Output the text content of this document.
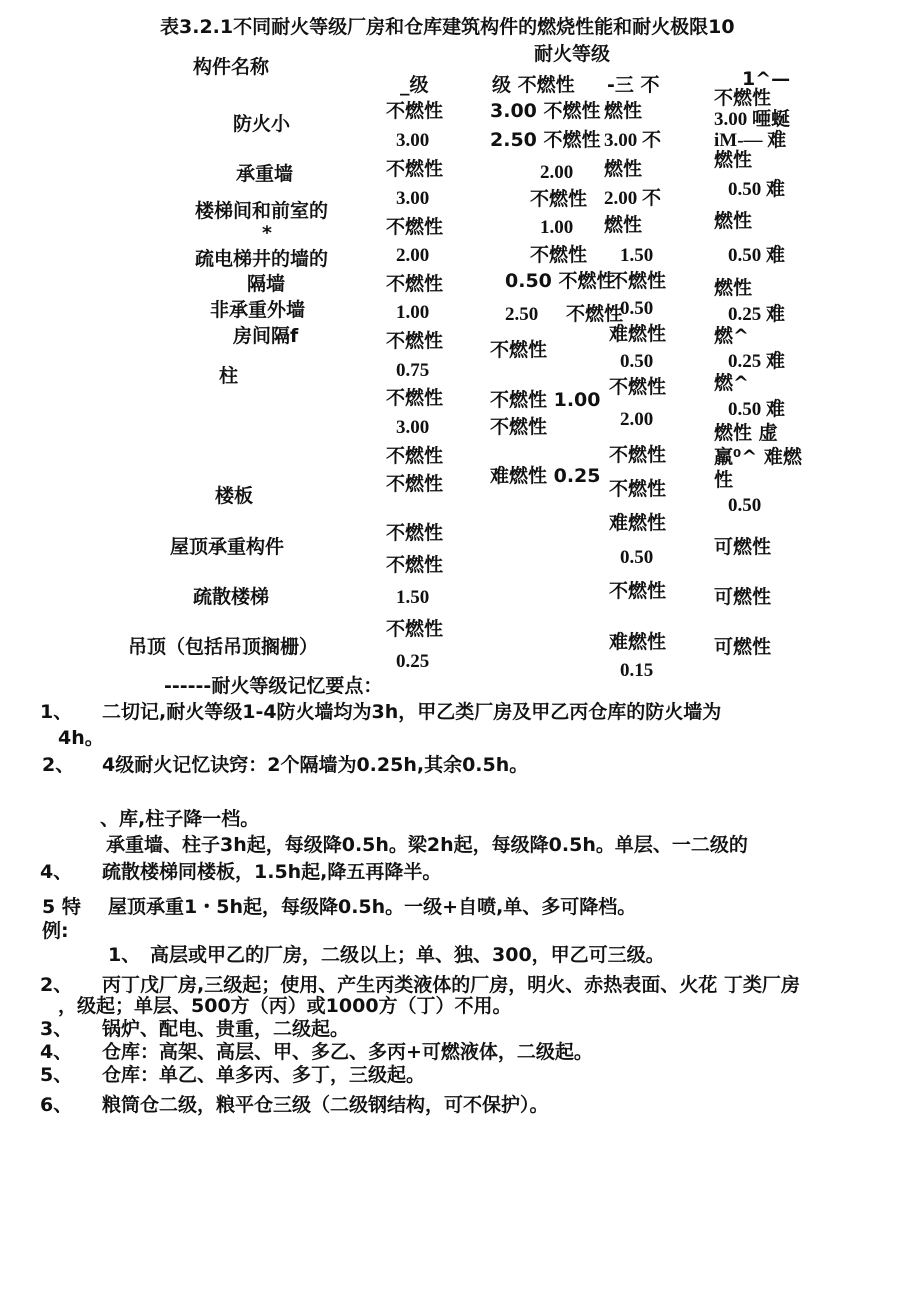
表3.2.1不同耐火等级厂房和仓库建筑构件的燃烧性能和耐火极限10
构件名称
耐火等级
_级	级 不燃性 -三 不	1^—
防火小
承重墙
楼梯间和前室的
*
疏电梯井的墙的
隔墙
非承重外墙
房间隔f
柱
楼板
屋顶承重构件
疏散楼梯
吊顶（包括吊顶搁栅）
不燃性
3.00
不燃性
3.00
不燃性
2.00
不燃性
1.00
不燃性
0.75
不燃性
3.00
不燃性
不燃性
不燃性
不燃性
1.50
不燃性
0.25
3.00 不燃性
2.50 不燃性
2.00
不燃性
1.00
不燃性
0.50 不燃性
2.50 不燃性
不燃性
不燃性 1.00
不燃性
难燃性 0.25
燃性
3.00 不
燃性
2.00 不
燃性
1.50
不燃性
0.50
难燃性
0.50
不燃性
2.00
不燃性
不燃性
难燃性
0.50
不燃性
难燃性
0.15
不燃性
3.00 唖蜒
iM-— 难
燃性
0.50 难
燃性
0.50 难
燃性
0.25 难
燃^
0.25 难
燃^
0.50 难
燃性 虚
羸⁰^ 难燃
性
0.50
可燃性
可燃性
可燃性
------耐火等级记忆要点：
1、 二切记,耐火等级1-4防火墙均为3h，甲乙类厂房及甲乙丙仓库的防火墙为
4h。
2、 4级耐火记忆诀窍：2个隔墙为0.25h,其余0.5h。
、库,柱子降一档。
承重墙、柱子3h起，每级降0.5h。梁2h起，每级降0.5h。单层、一二级的
4、 疏散楼梯同楼板，1.5h起,降五再降半。
5 特 屋顶承重1・5h起，每级降0.5h。一级+自喷,单、多可降档。
例:
1、 高层或甲乙的厂房，二级以上；单、独、300，甲乙可三级。
2、 丙丁戊厂房,三级起；使用、产生丙类液体的厂房，明火、赤热表面、火花 丁类厂房
，级起；单层、500方（丙）或1000方（丁）不用。
3、 锅炉、配电、贵重，二级起。
4、 仓库：高架、高层、甲、多乙、多丙+可燃液体，二级起。
5、 仓库：单乙、单多丙、多丁，三级起。
6、 粮筒仓二级，粮平仓三级（二级钢结构，可不保护）。
